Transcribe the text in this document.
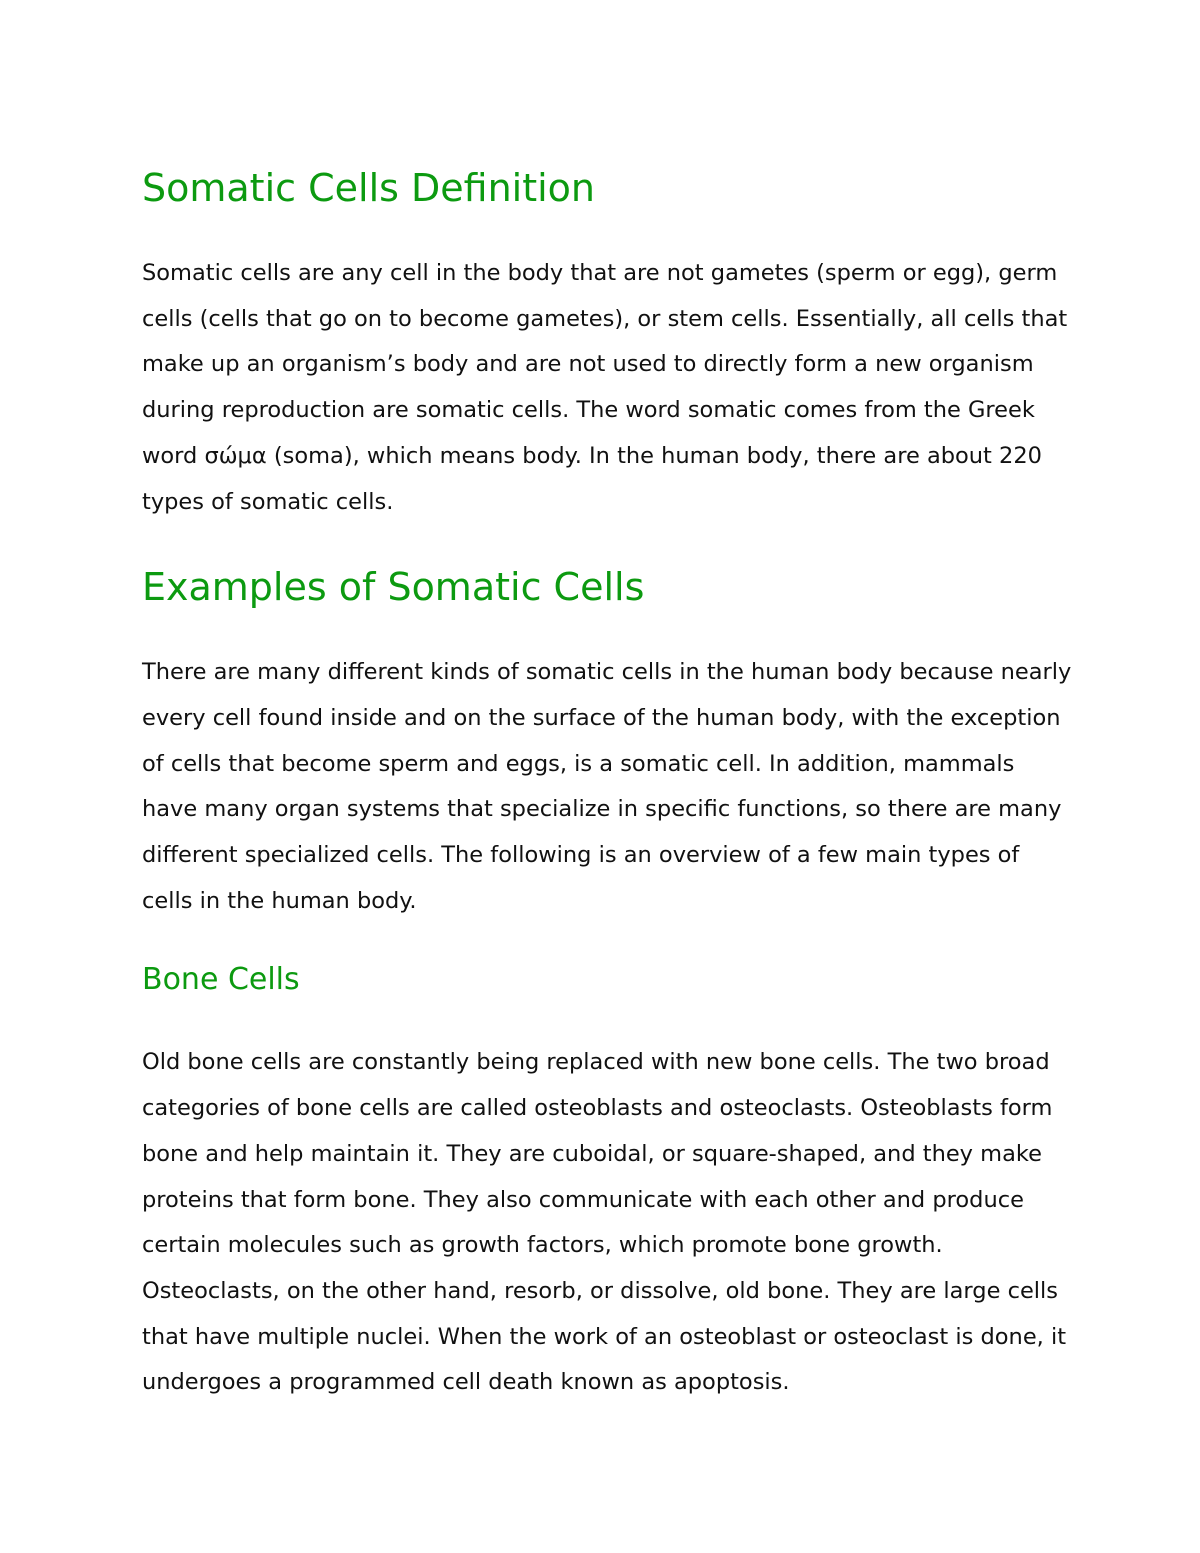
Somatic Cells Definition

Somatic cells are any cell in the body that are not gametes (sperm or egg), germ cells (cells that go on to become gametes), or stem cells. Essentially, all cells that make up an organism’s body and are not used to directly form a new organism during reproduction are somatic cells. The word somatic comes from the Greek word σώμα (soma), which means body. In the human body, there are about 220 types of somatic cells.

Examples of Somatic Cells

There are many different kinds of somatic cells in the human body because nearly every cell found inside and on the surface of the human body, with the exception of cells that become sperm and eggs, is a somatic cell. In addition, mammals have many organ systems that specialize in specific functions, so there are many different specialized cells. The following is an overview of a few main types of cells in the human body.

Bone Cells

Old bone cells are constantly being replaced with new bone cells. The two broad categories of bone cells are called osteoblasts and osteoclasts. Osteoblasts form bone and help maintain it. They are cuboidal, or square-shaped, and they make proteins that form bone. They also communicate with each other and produce certain molecules such as growth factors, which promote bone growth. Osteoclasts, on the other hand, resorb, or dissolve, old bone. They are large cells that have multiple nuclei. When the work of an osteoblast or osteoclast is done, it undergoes a programmed cell death known as apoptosis.
